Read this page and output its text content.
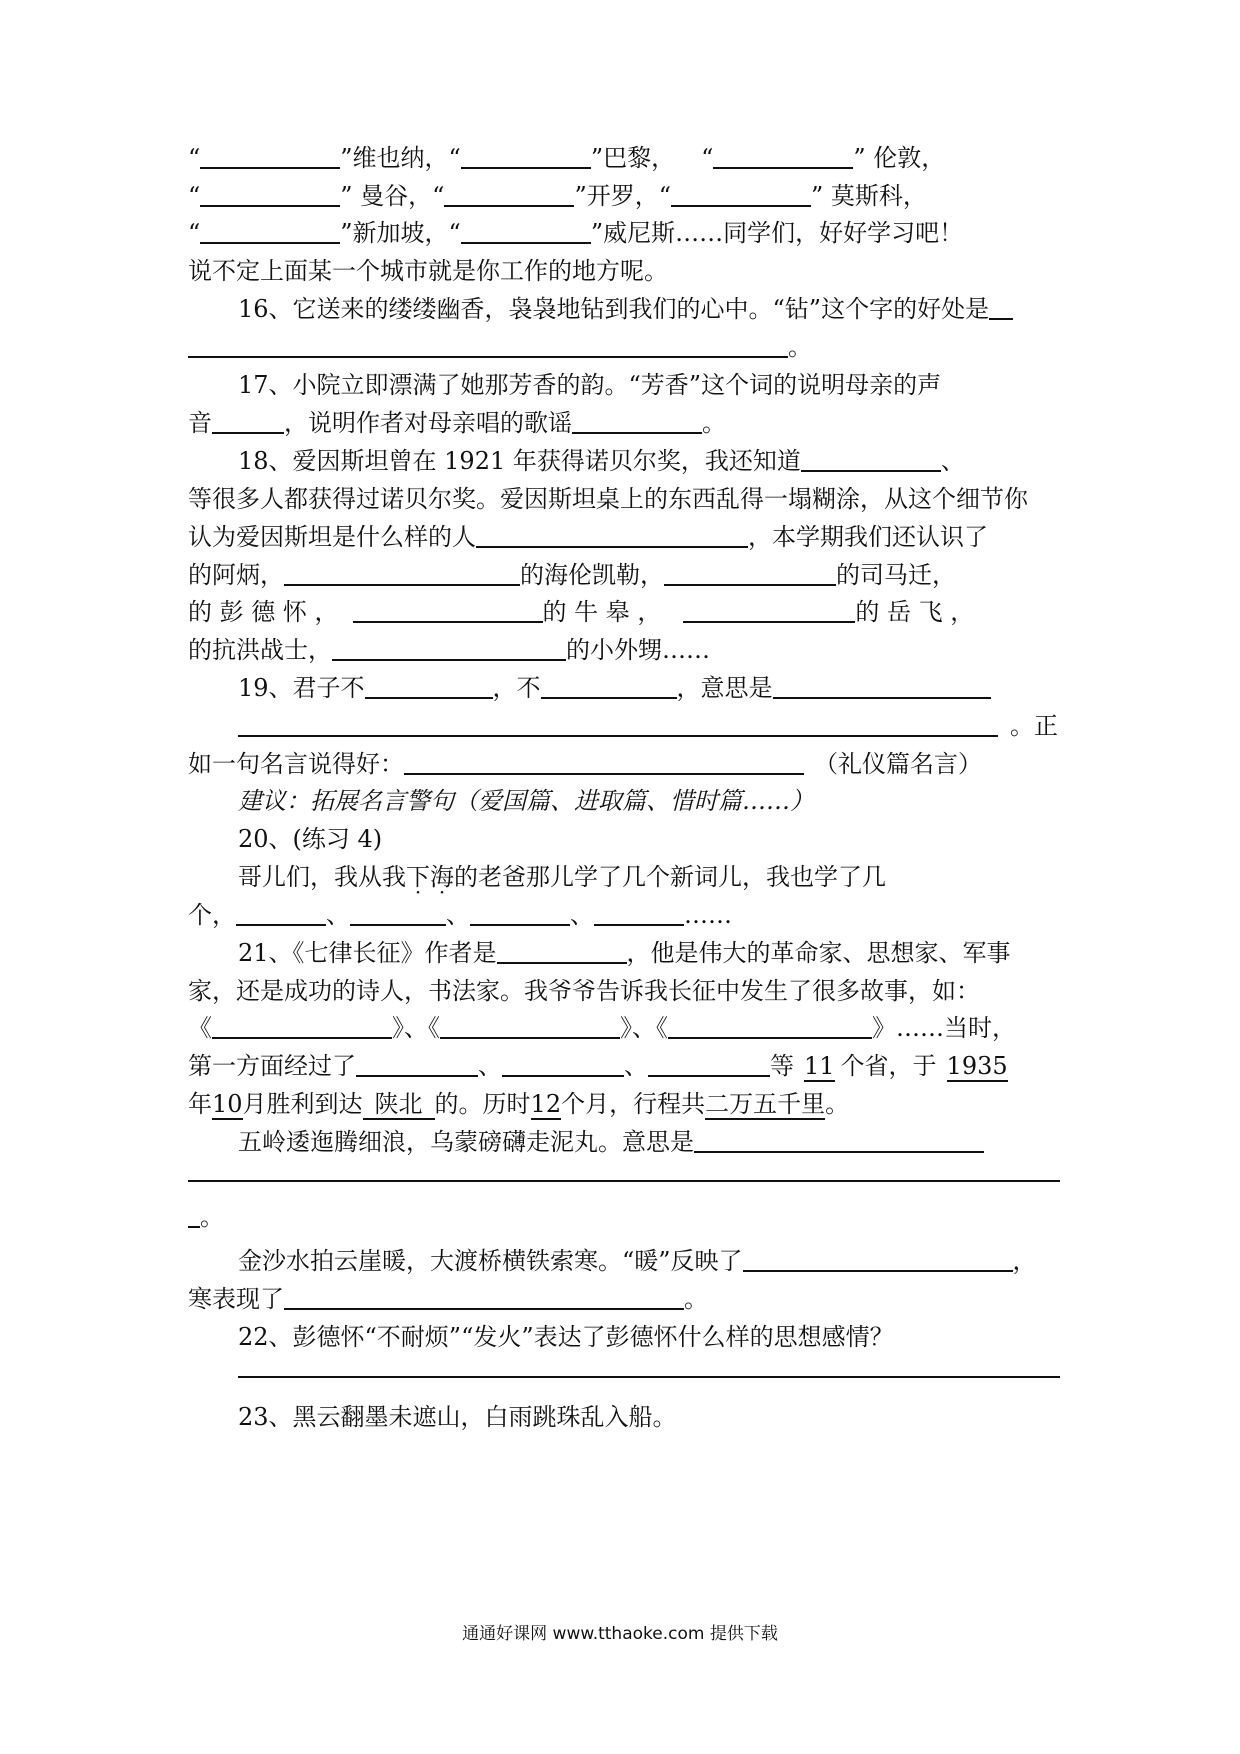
“	”维也纳，“	”巴黎， “	” 伦敦，
“	” 曼谷，“	”开罗，“	” 莫斯科，
“	”新加坡，“	”威尼斯……同学们，好好学习吧！
说不定上面某一个城市就是你工作的地方呢。
16、它送来的缕缕幽香，袅袅地钻到我们的心中。“钻”这个字的好处是
。
17、小院立即漂满了她那芳香的韵。“芳香”这个词的说明母亲的声
音	，说明作者对母亲唱的歌谣	。
18、爱因斯坦曾在 1921 年获得诺贝尔奖，我还知道	、
等很多人都获得过诺贝尔奖。爱因斯坦桌上的东西乱得一塌糊涂，从这个细节你
认为爱因斯坦是什么样的人	，本学期我们还认识了
的阿炳，	的海伦凯勒，	的司马迁，
的 彭 德 怀 ，	的 牛 皋 ，	的 岳 飞 ，
的抗洪战士，	的小外甥……
19、君子不	，不	，意思是
。正
如一句名言说得好：	（礼仪篇名言）
建议：拓展名言警句（爱国篇、进取篇、惜时篇……）
20、(练习 4)
哥儿们，我从我下海的老爸那儿学了几个新词儿，我也学了几
个，	、	、	、	……
21、《七律长征》作者是	，他是伟大的革命家、思想家、军事
家，还是成功的诗人，书法家。我爷爷告诉我长征中发生了很多故事，如：
《	》、《	》、《	》……当时，
第一方面经过了	、	、	等 11 个省，于 1935
年10月胜利到达 陕北 的。历时12个月，行程共二万五千里。
五岭逶迤腾细浪，乌蒙磅礴走泥丸。意思是
。
金沙水拍云崖暖，大渡桥横铁索寒。“暖”反映了	，
寒表现了	。
22、彭德怀“不耐烦”“发火”表达了彭德怀什么样的思想感情？
23、黑云翻墨未遮山，白雨跳珠乱入船。
通通好课网 www.tthaoke.com 提供下载
